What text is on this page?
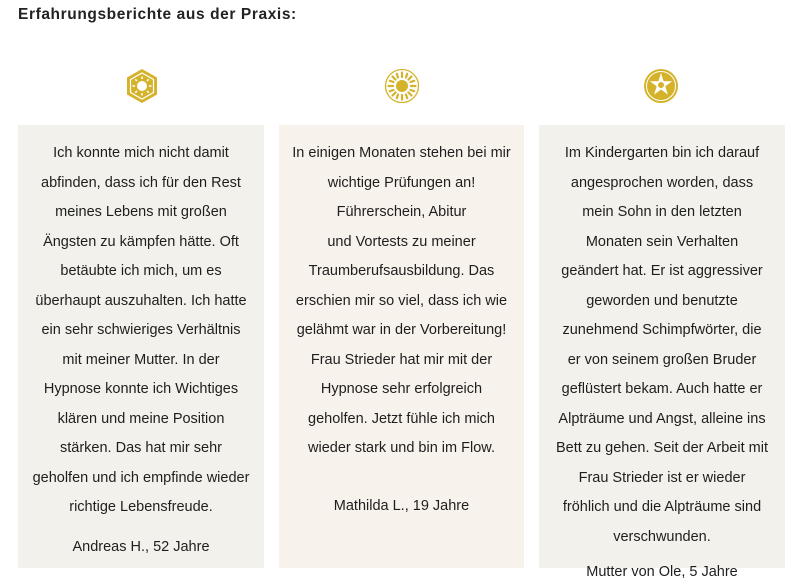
Erfahrungsberichte aus der Praxis:

Ich konnte mich nicht damit

abfinden, dass ich für den Rest

meines Lebens mit großen

Ängsten zu kämpfen hätte. Oft

betäubte ich mich, um es

überhaupt auszuhalten. Ich hatte

ein sehr schwieriges Verhältnis

mit meiner Mutter. In der

Hypnose konnte ich Wichtiges

klären und meine Position

stärken. Das hat mir sehr

geholfen und ich empfinde wieder

richtige Lebensfreude.

Andreas H., 52 Jahre

In einigen Monaten stehen bei mir

wichtige Prüfungen an!

Führerschein, Abitur

und Vortests zu meiner

Traumberufsausbildung. Das

erschien mir so viel, dass ich wie

gelähmt war in der Vorbereitung!

Frau Strieder hat mir mit der

Hypnose sehr erfolgreich

geholfen. Jetzt fühle ich mich

wieder stark und bin im Flow.

Mathilda L., 19 Jahre

Im Kindergarten bin ich darauf

angesprochen worden, dass

mein Sohn in den letzten

Monaten sein Verhalten

geändert hat. Er ist aggressiver

geworden und benutzte

zunehmend Schimpfwörter, die

er von seinem großen Bruder

geflüstert bekam. Auch hatte er

Alpträume und Angst, alleine ins

Bett zu gehen. Seit der Arbeit mit

Frau Strieder ist er wieder

fröhlich und die Alpträume sind

verschwunden.

Mutter von Ole, 5 Jahre
